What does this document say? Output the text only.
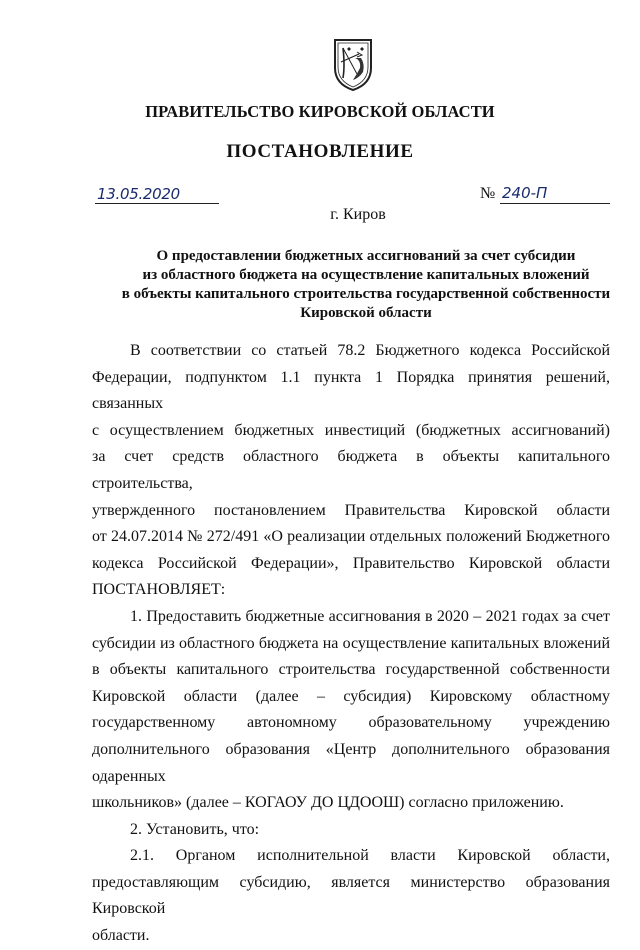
ПРАВИТЕЛЬСТВО КИРОВСКОЙ ОБЛАСТИ
ПОСТАНОВЛЕНИЕ
13.05.2020	№ 240-П
г. Киров
О предоставлении бюджетных ассигнований за счет субсидии
из областного бюджета на осуществление капитальных вложений
в объекты капитального строительства государственной собственности
Кировской области
В соответствии со статьей 78.2 Бюджетного кодекса Российской
Федерации, подпунктом 1.1 пункта 1 Порядка принятия решений, связанных
с осуществлением бюджетных инвестиций (бюджетных ассигнований)
за счет средств областного бюджета в объекты капитального строительства,
утвержденного постановлением Правительства Кировской области
от 24.07.2014 № 272/491 «О реализации отдельных положений Бюджетного
кодекса Российской Федерации», Правительство Кировской области
ПОСТАНОВЛЯЕТ:
1. Предоставить бюджетные ассигнования в 2020 – 2021 годах за счет
субсидии из областного бюджета на осуществление капитальных вложений
в объекты капитального строительства государственной собственности
Кировской области (далее – субсидия) Кировскому областному
государственному автономному образовательному учреждению
дополнительного образования «Центр дополнительного образования одаренных
школьников» (далее – КОГАОУ ДО ЦДООШ) согласно приложению.
2. Установить, что:
2.1. Органом исполнительной власти Кировской области,
предоставляющим субсидию, является министерство образования Кировской
области.
